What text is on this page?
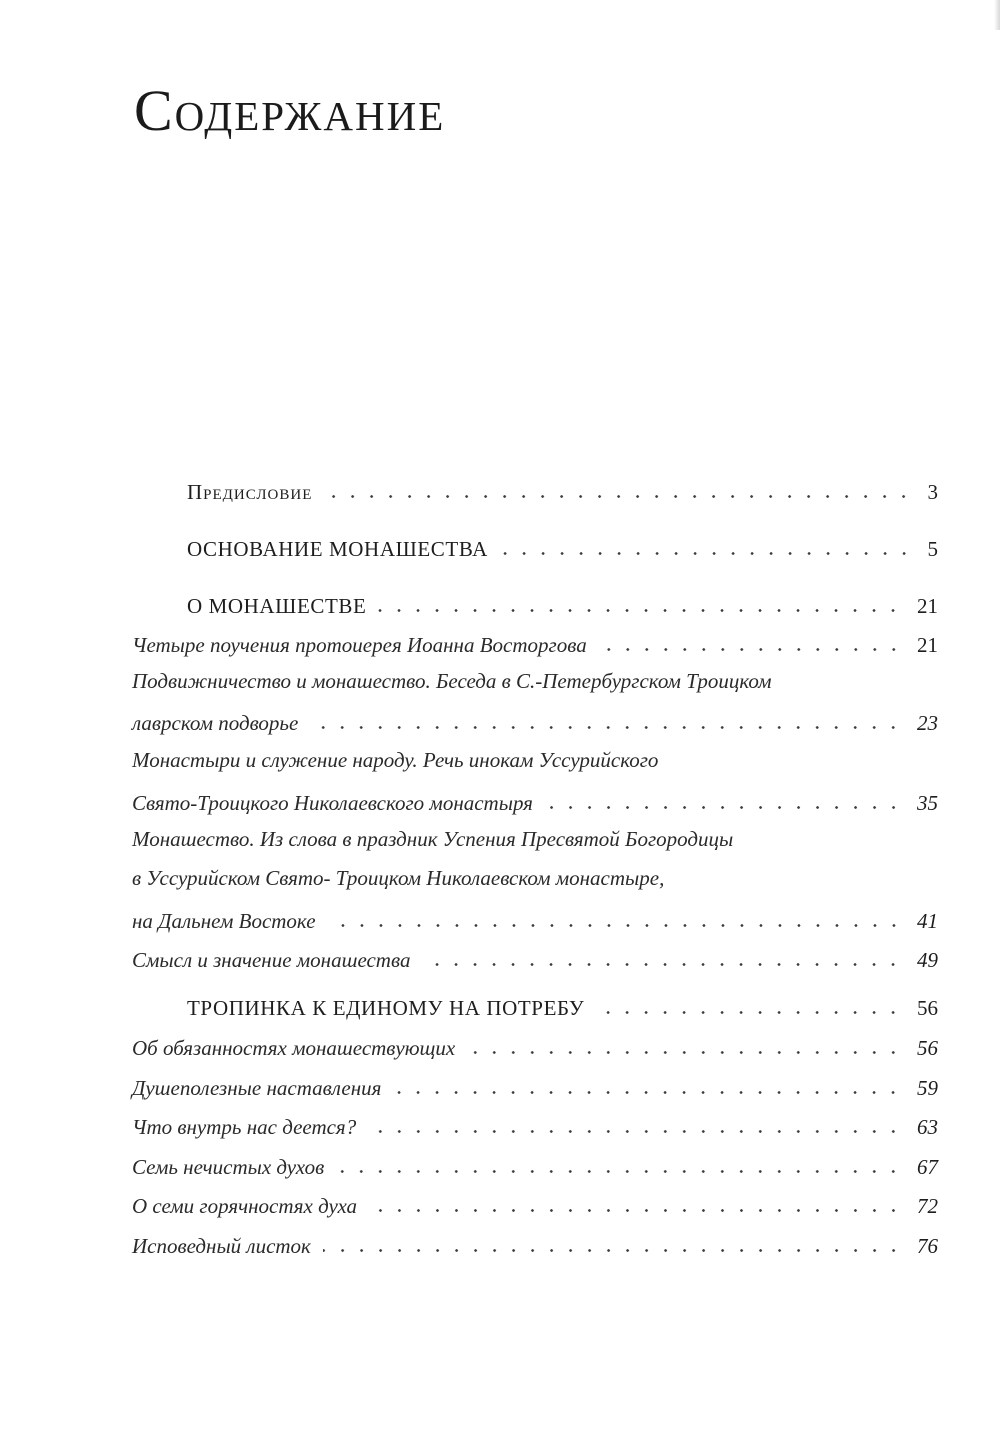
Содержание
Предисловие	3
ОСНОВАНИЕ МОНАШЕСТВА	5
О МОНАШЕСТВЕ	21
Четыре поучения протоиерея Иоанна Восторгова	21
Подвижничество и монашество. Беседа в С.-Петербургском Троицком
лаврском подворье	23
Монастыри и служение народу. Речь инокам Уссурийского
Свято-Троицкого Николаевского монастыря	35
Монашество. Из слова в праздник Успения Пресвятой Богородицы
в Уссурийском Свято- Троицком Николаевском монастыре,
на Дальнем Востоке	41
Смысл и значение монашества	49
ТРОПИНКА К ЕДИНОМУ НА ПОТРЕБУ	56
Об обязанностях монашествующих	56
Душеполезные наставления	59
Что внутрь нас деется?	63
Семь нечистых духов	67
О семи горячностях духа	72
Исповедный листок	76
